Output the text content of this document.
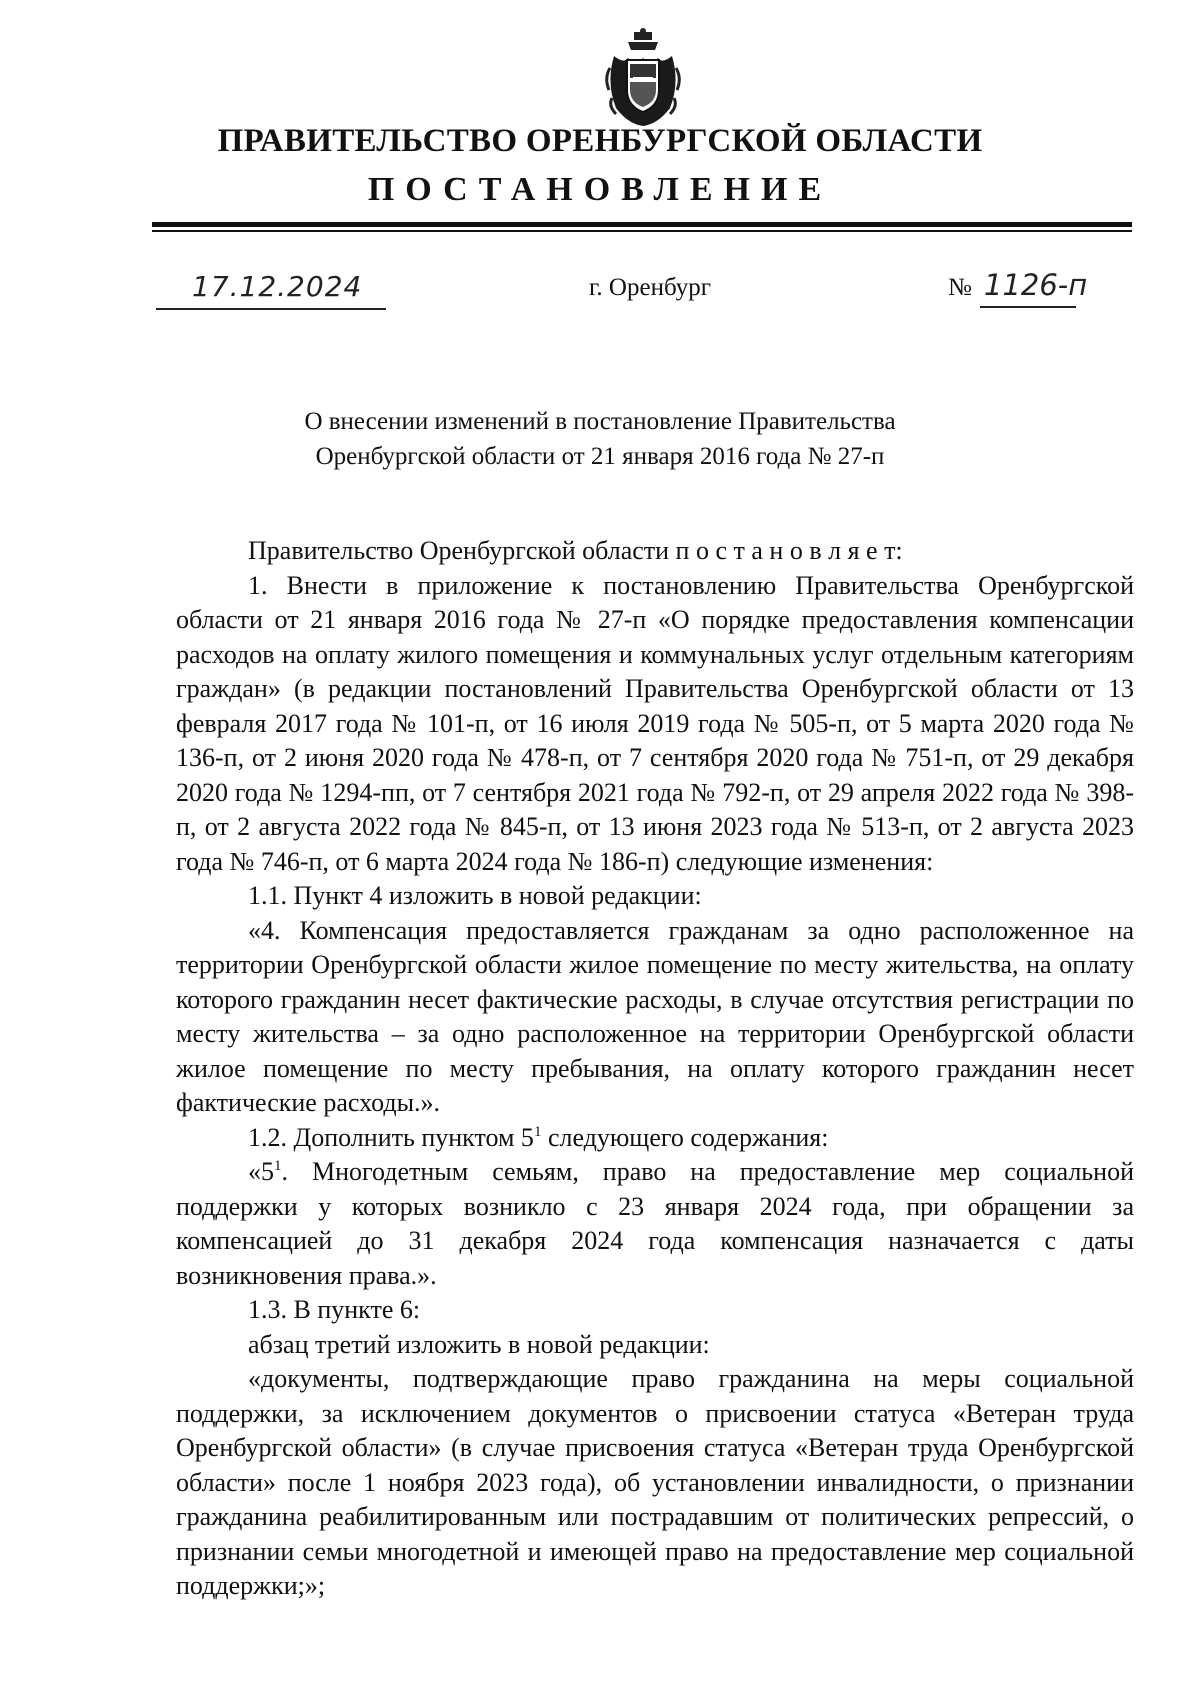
ПРАВИТЕЛЬСТВО ОРЕНБУРГСКОЙ ОБЛАСТИ
ПОСТАНОВЛЕНИЕ
17.12.2024	г. Оренбург	№ 1126-п
О внесении изменений в постановление Правительства
Оренбургской области от 21 января 2016 года № 27-п

Правительство Оренбургской области п о с т а н о в л я е т:

1. Внести в приложение к постановлению Правительства Оренбургской области от 21 января 2016 года № 27-п «О порядке предоставления компенсации расходов на оплату жилого помещения и коммунальных услуг отдельным категориям граждан» (в редакции постановлений Правительства Оренбургской области от 13 февраля 2017 года № 101-п, от 16 июля 2019 года № 505-п, от 5 марта 2020 года № 136-п, от 2 июня 2020 года № 478-п, от 7 сентября 2020 года № 751-п, от 29 декабря 2020 года № 1294-пп, от 7 сентября 2021 года № 792-п, от 29 апреля 2022 года № 398-п, от 2 августа 2022 года № 845-п, от 13 июня 2023 года № 513-п, от 2 августа 2023 года № 746-п, от 6 марта 2024 года № 186-п) следующие изменения:

1.1. Пункт 4 изложить в новой редакции:

«4. Компенсация предоставляется гражданам за одно расположенное на территории Оренбургской области жилое помещение по месту жительства, на оплату которого гражданин несет фактические расходы, в случае отсутствия регистрации по месту жительства – за одно расположенное на территории Оренбургской области жилое помещение по месту пребывания, на оплату которого гражданин несет фактические расходы.».

1.2. Дополнить пунктом $5^1$ следующего содержания:

«$5^1$. Многодетным семьям, право на предоставление мер социальной поддержки у которых возникло с 23 января 2024 года, при обращении за компенсацией до 31 декабря 2024 года компенсация назначается с даты возникновения права.».

1.3. В пункте 6:

абзац третий изложить в новой редакции:

«документы, подтверждающие право гражданина на меры социальной поддержки, за исключением документов о присвоении статуса «Ветеран труда Оренбургской области» (в случае присвоения статуса «Ветеран труда Оренбургской области» после 1 ноября 2023 года), об установлении инвалидности, о признании гражданина реабилитированным или пострадавшим от политических репрессий, о признании семьи многодетной и имеющей право на предоставление мер социальной поддержки;»;
